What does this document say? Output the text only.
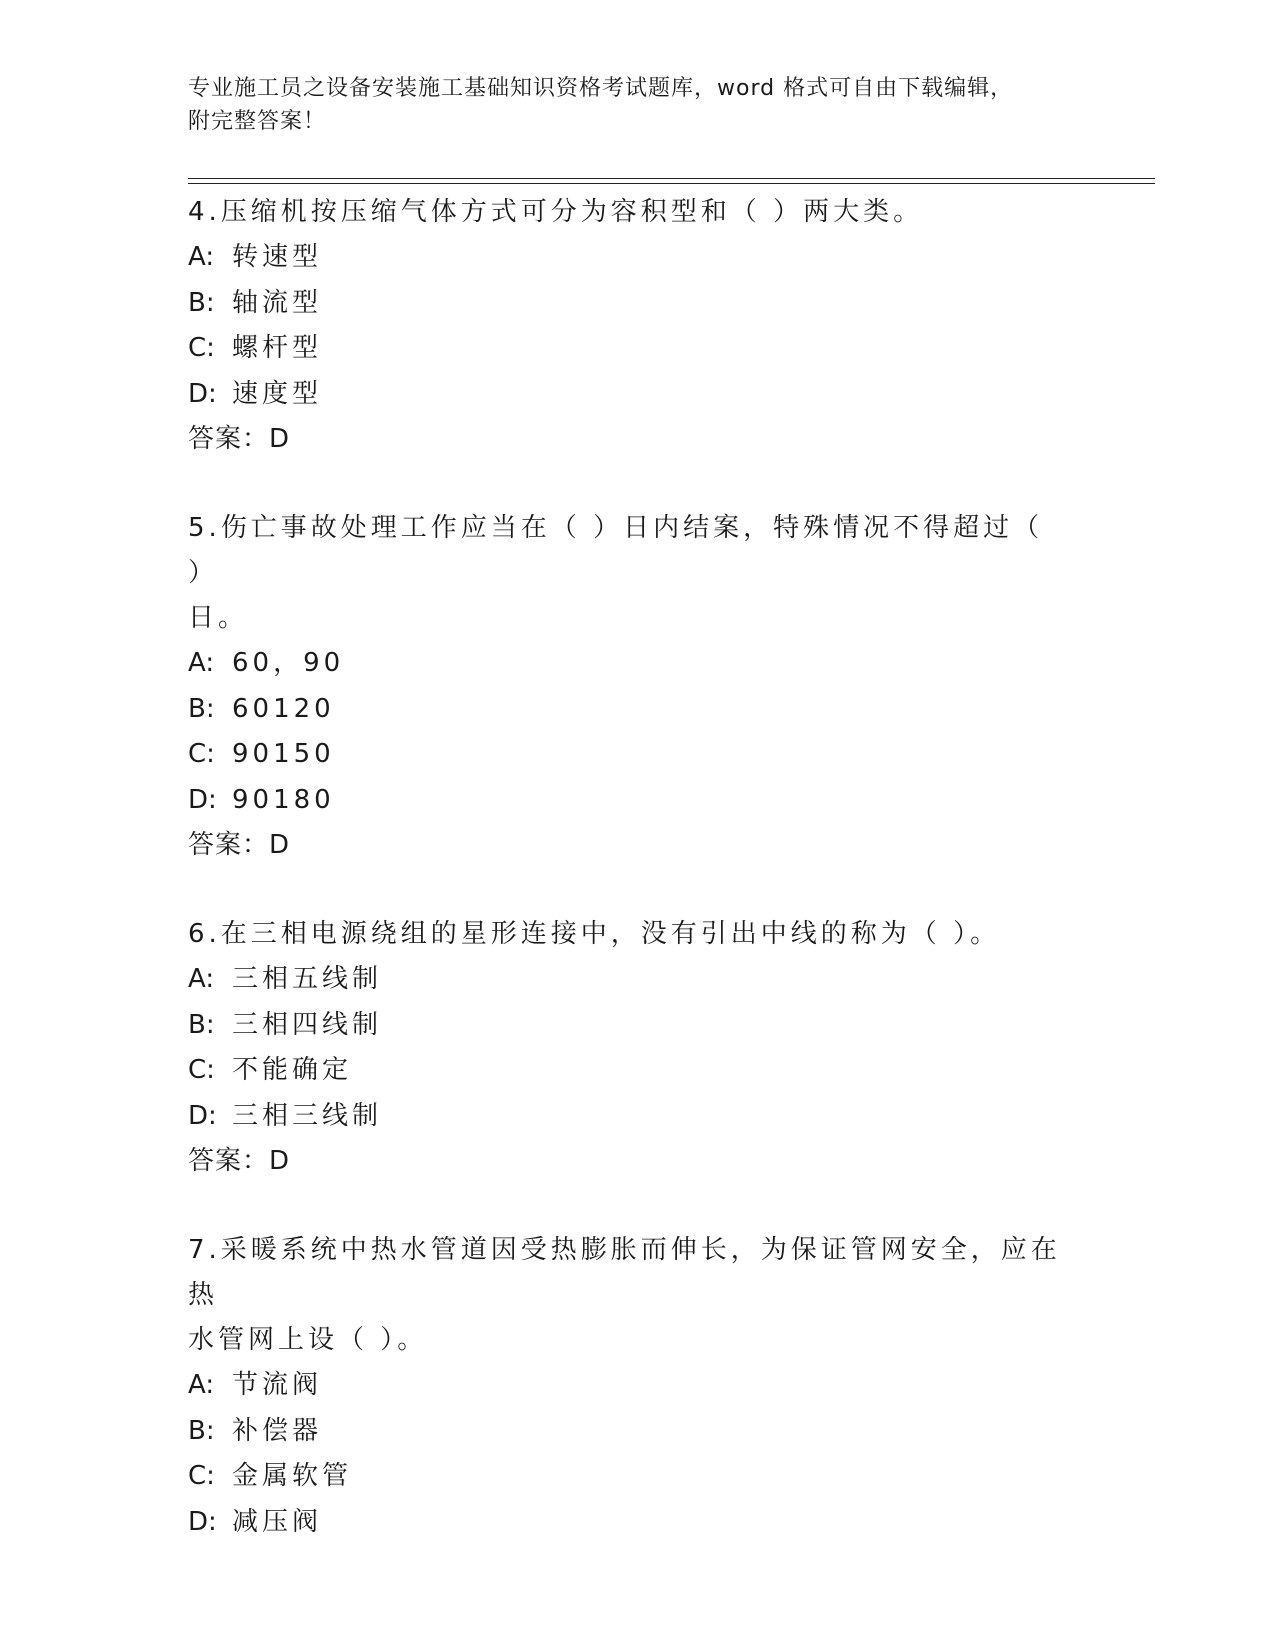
专业施工员之设备安装施工基础知识资格考试题库，word 格式可自由下载编辑，
附完整答案！
4.压缩机按压缩气体方式可分为容积型和（ ）两大类。
A: 转速型
B: 轴流型
C: 螺杆型
D: 速度型
答案：D
5.伤亡事故处理工作应当在（ ）日内结案，特殊情况不得超过（ ）
日。
A: 60，90
B: 60120
C: 90150
D: 90180
答案：D
6.在三相电源绕组的星形连接中，没有引出中线的称为（ ）。
A: 三相五线制
B: 三相四线制
C: 不能确定
D: 三相三线制
答案：D
7.采暖系统中热水管道因受热膨胀而伸长，为保证管网安全，应在热
水管网上设（ ）。
A: 节流阀
B: 补偿器
C: 金属软管
D: 减压阀
